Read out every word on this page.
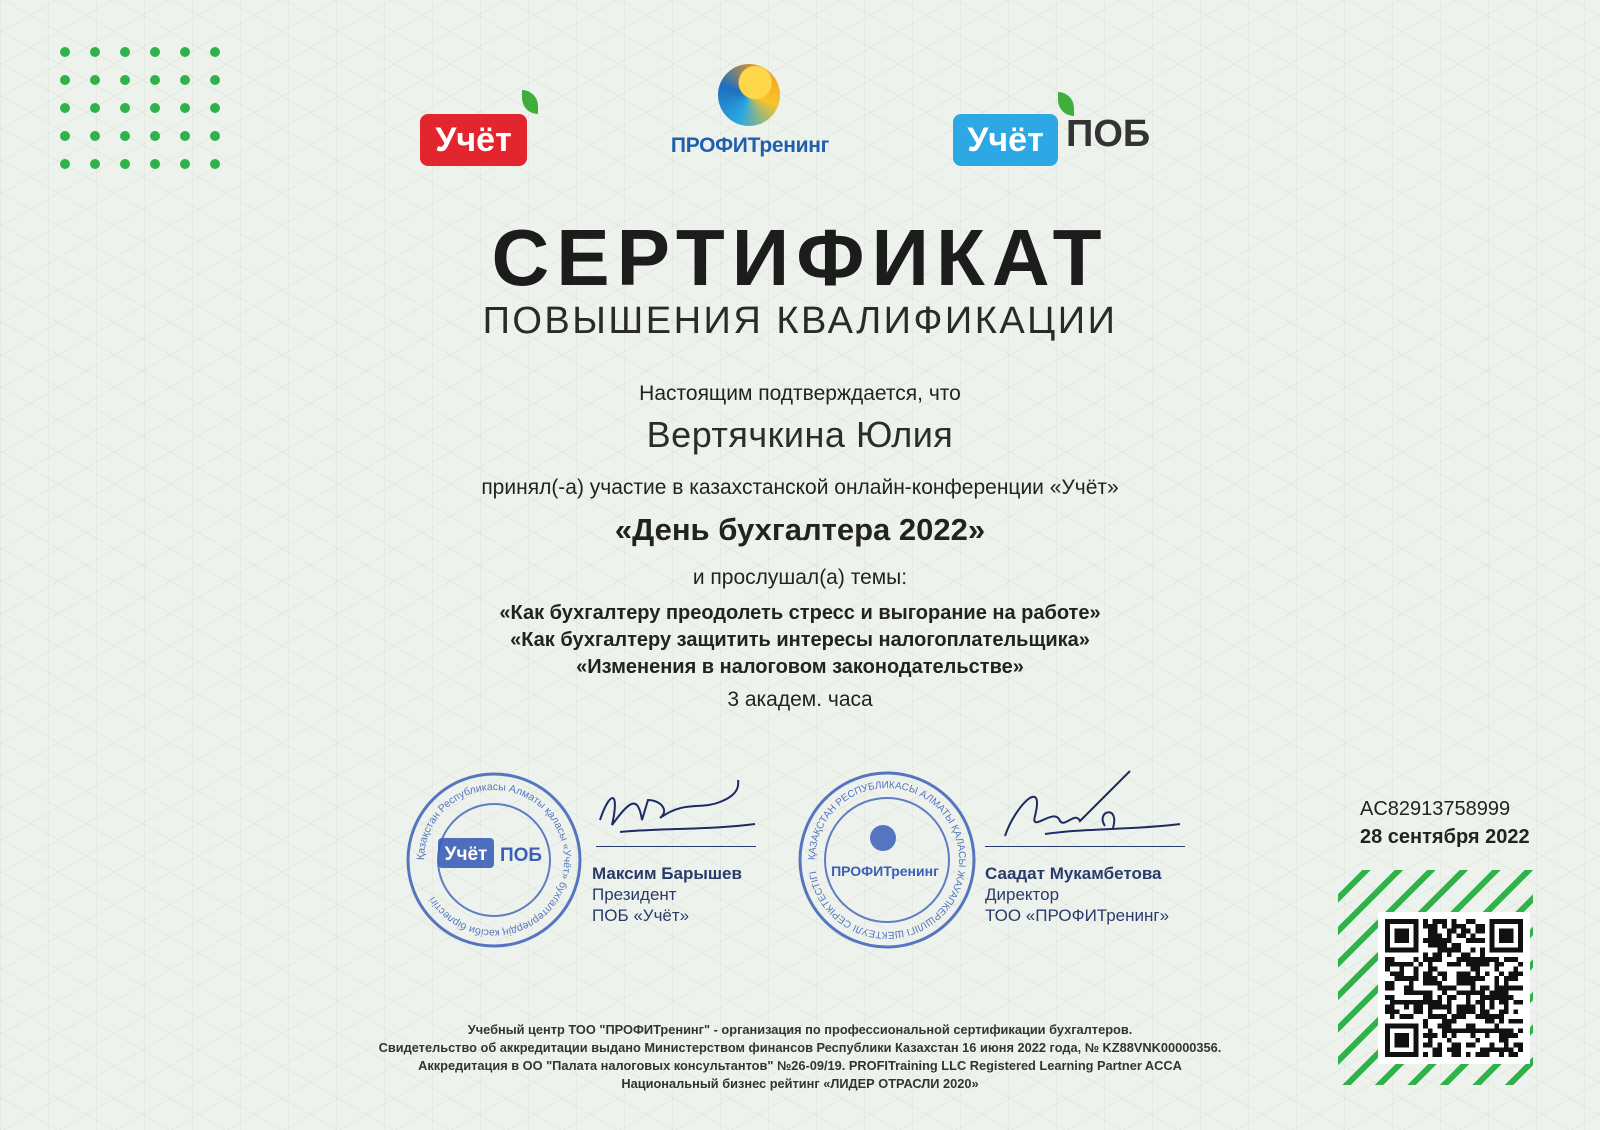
Учёт	ПРОФИТренинг	Учёт ПОБ
СЕРТИФИКАТ
ПОВЫШЕНИЯ КВАЛИФИКАЦИИ
Настоящим подтверждается, что
Вертячкина Юлия
принял(-а) участие в казахстанской онлайн-конференции «Учёт»
«День бухгалтера 2022»
и прослушал(а) темы:
«Как бухгалтеру преодолеть стресс и выгорание на работе»
«Как бухгалтеру защитить интересы налогоплательщика»
«Изменения в налоговом законодательстве»
3 академ. часа
Қазақстан Республикасы Алматы қаласы «Учёт» бухгалтерлердің кәсіби бірлестігі
Учёт ПОБ
Максим Барышев
Президент
ПОБ «Учёт»
ҚАЗАҚСТАН РЕСПУБЛИКАСЫ АЛМАТЫ ҚАЛАСЫ ЖАУАПКЕРШІЛІГІ ШЕКТЕУЛІ СЕРІКТЕСТІГІ ПРОФИТренинг	Саадат Мукамбетова
Директор
ТОО «ПРОФИТренинг»
AC82913758999
28 сентября 2022
Учебный центр ТОО "ПРОФИТренинг" - организация по профессиональной сертификации бухгалтеров.
Свидетельство об аккредитации выдано Министерством финансов Республики Казахстан 16 июня 2022 года, № KZ88VNK00000356.
Аккредитация в ОО "Палата налоговых консультантов" №26-09/19. PROFITraining LLC Registered Learning Partner ACCA
Национальный бизнес рейтинг «ЛИДЕР ОТРАСЛИ 2020»
